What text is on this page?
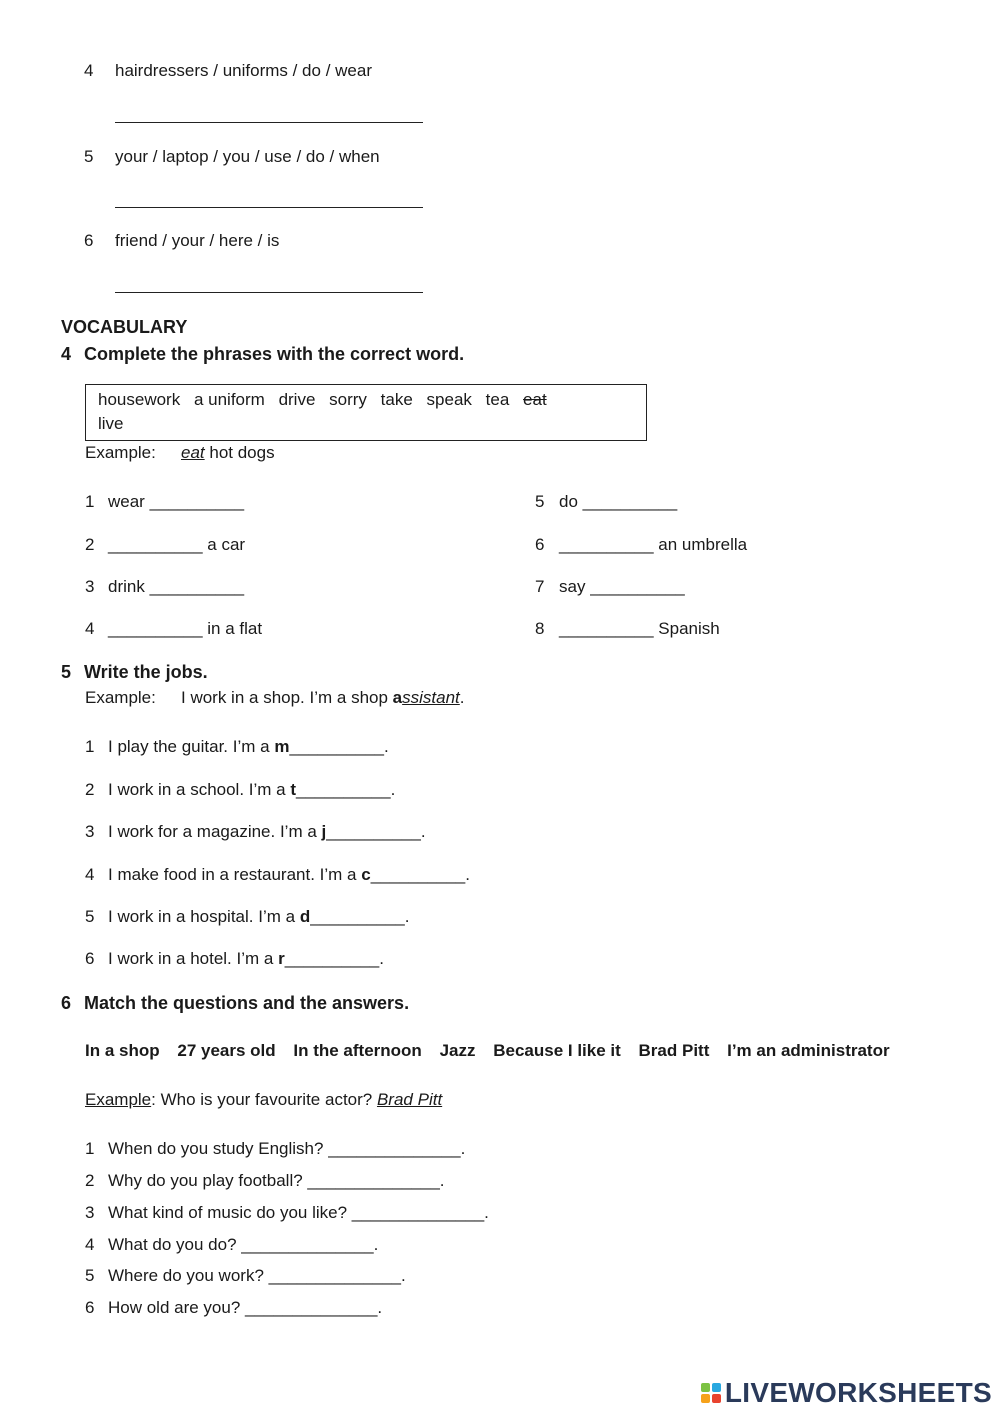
4 hairdressers / uniforms / do / wear
5 your / laptop / you / use / do / when
6 friend / your / here / is
VOCABULARY
4 Complete the phrases with the correct word.
housework a uniform drive sorry take speak tea eat
live
Example: eat hot dogs
1 wear __________
2 __________ a car
3 drink __________
4 __________ in a flat
5 do __________
6 __________ an umbrella
7 say __________
8 __________ Spanish
5 Write the jobs.
Example: I work in a shop. I’m a shop assistant.
1 I play the guitar. I’m a m__________.
2 I work in a school. I’m a t__________.
3 I work for a magazine. I’m a j__________.
4 I make food in a restaurant. I’m a c__________.
5 I work in a hospital. I’m a d__________.
6 I work in a hotel. I’m a r__________.
6 Match the questions and the answers.
In a shop 27 years old In the afternoon Jazz Because I like it Brad Pitt I’m an administrator
Example: Who is your favourite actor? Brad Pitt
1 When do you study English? ______________.
2 Why do you play football? ______________.
3 What kind of music do you like? ______________.
4 What do you do? ______________.
5 Where do you work? ______________.
6 How old are you? ______________.
LIVEWORKSHEETS
